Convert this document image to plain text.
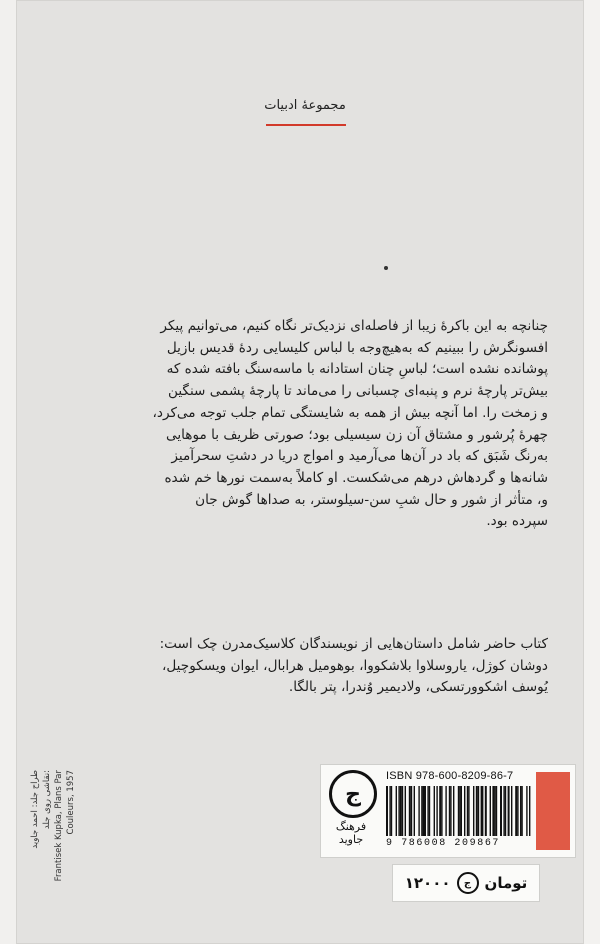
مجموعهٔ ادبیات

چنانچه به این باکرهٔ زیبا از فاصله‌ای نزدیک‌تر نگاه کنیم، می‌توانیم پیکر

افسونگرش را ببینیم که به‌هیچ‌وجه با لباس کلیسایی ردهٔ قدیس بازیل

پوشانده نشده است؛ لباسِ چنان استادانه با ماسه‌سنگ بافته شده که

بیش‌تر پارچهٔ نرم و پنبه‌ای چسبانی را می‌ماند تا پارچهٔ پشمی سنگین

و زمخت را. اما آنچه بیش از همه به شایستگی تمام جلب توجه می‌کرد،

چهرهٔ پُرشور و مشتاق آن زن سیسیلی بود؛ صورتی ظریف با موهایی

به‌رنگ شَبَق که باد در آن‌ها می‌آرمید و امواج دریا در دشتِ سحرآمیز

شانه‌ها و گردهاش درهم می‌شکست. او کاملاً به‌سمت نورها خم شده

و، متأثر از شور و حال شبِ سن-سیلوستر، به صداها گوش جان

سپرده بود.

کتاب حاضر شامل داستان‌هایی از نویسندگان کلاسیک‌مدرن چک است:

دوشان کوژل، یاروسلاوا بلاشکووا، بوهومیل هرابال، ایوان ویسکوچیل،

یُوسف اشکوورتسکی، ولادیمیر وُندرا، پتر بالگا.

ج
فرهنگ جاوید
ISBN 978-600-8209-86-7
9 786008 209867
تومان
ج
۱۲۰۰۰
طراح جلد: احمد جاوید نقاشی روی جلد: Frantisek Kupka, Plans Par Couleurs, 1957
